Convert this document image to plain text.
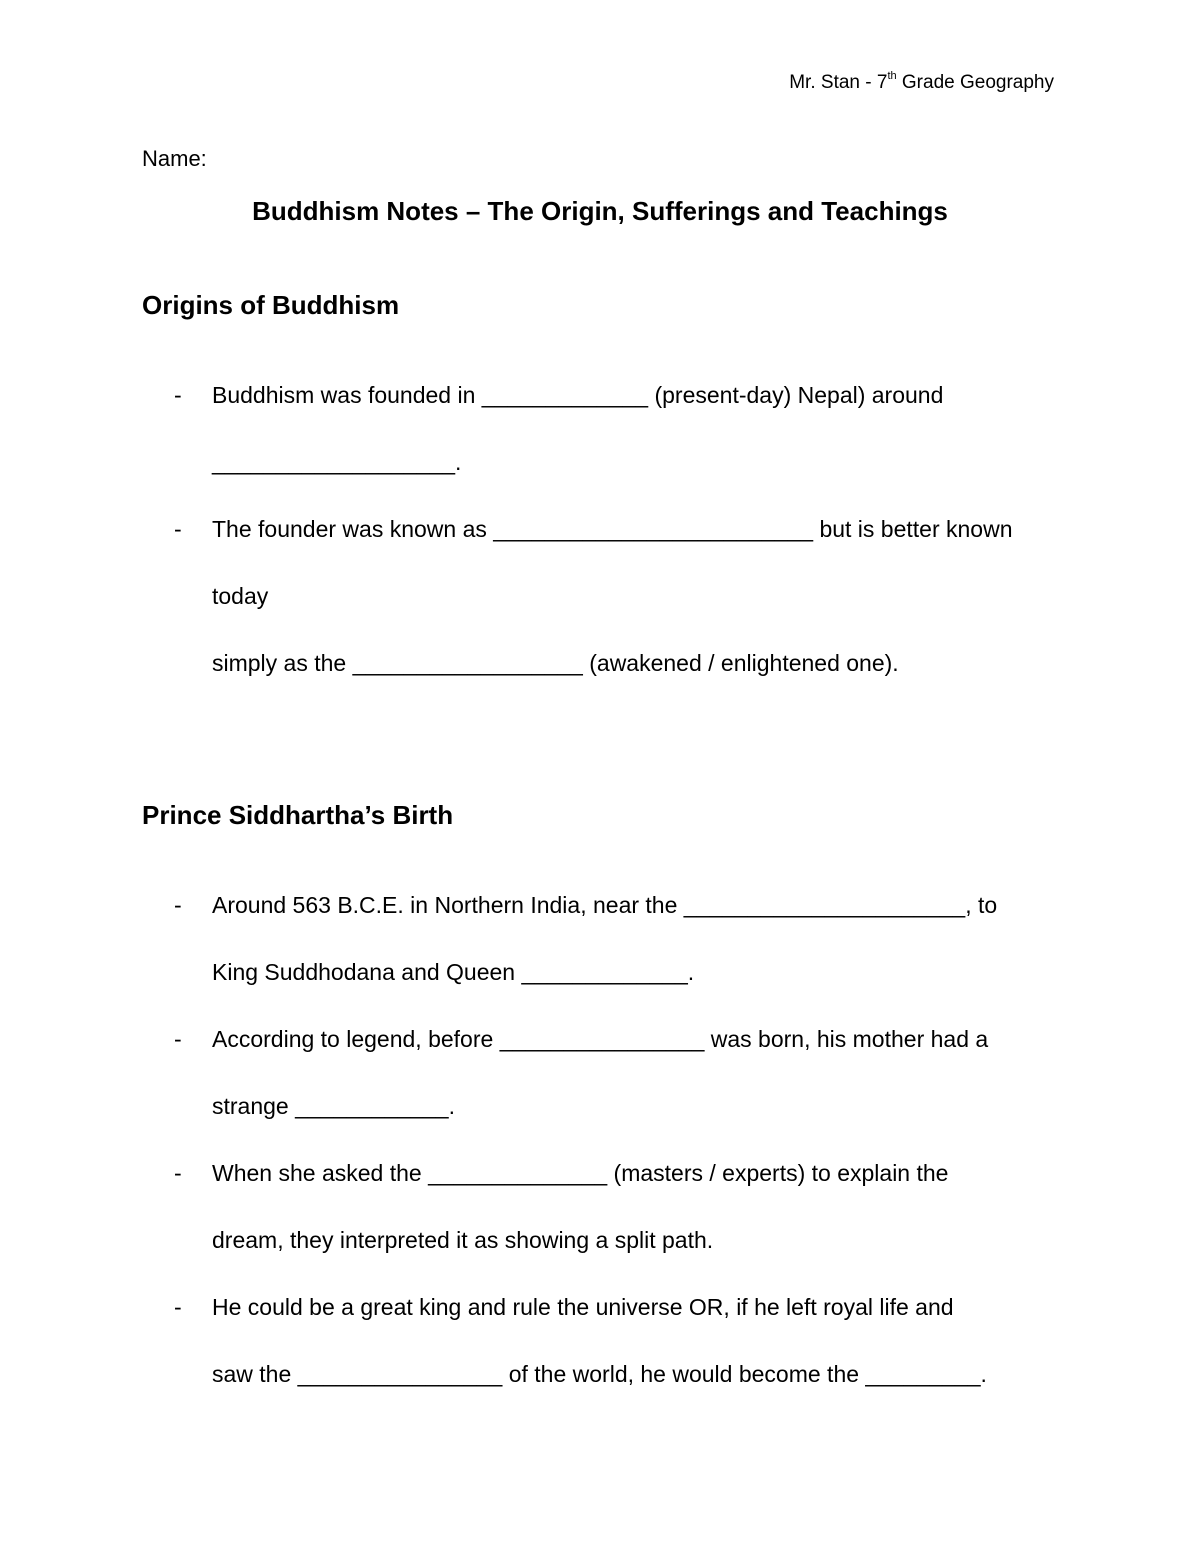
Mr. Stan - 7th Grade Geography
Name:
Buddhism Notes – The Origin, Sufferings and Teachings
Origins of Buddhism
- Buddhism was founded in _____________ (present-day) Nepal) around
___________________.
- The founder was known as _________________________ but is better known
today
simply as the __________________ (awakened / enlightened one).
Prince Siddhartha’s Birth
- Around 563 B.C.E. in Northern India, near the ______________________, to
King Suddhodana and Queen _____________.
- According to legend, before ________________ was born, his mother had a
strange ____________.
- When she asked the ______________ (masters / experts) to explain the
dream, they interpreted it as showing a split path.
- He could be a great king and rule the universe OR, if he left royal life and
saw the ________________ of the world, he would become the _________.
